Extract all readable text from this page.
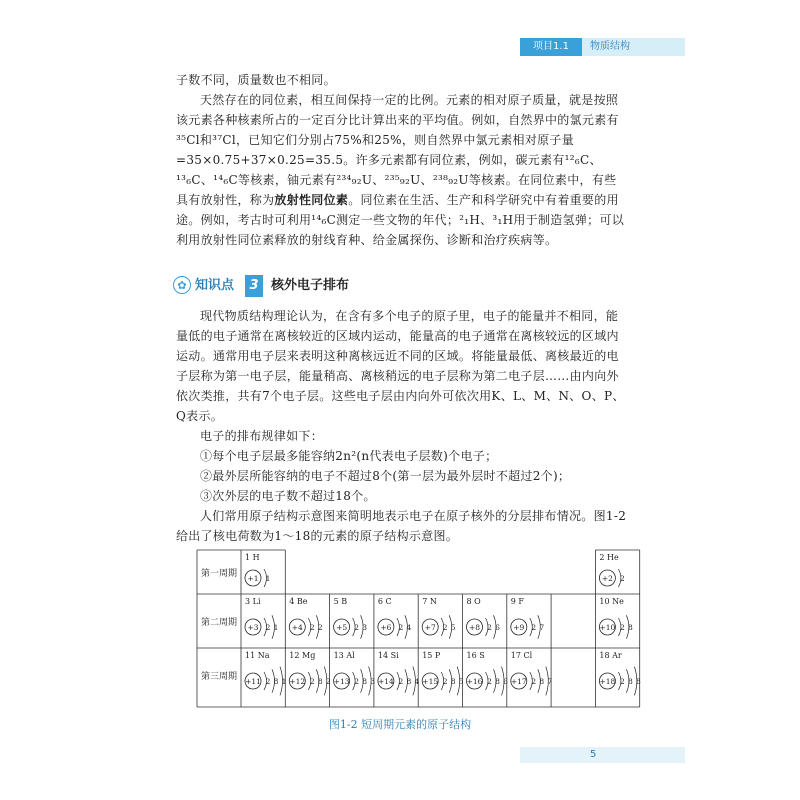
项目1.1	物质结构

子数不同，质量数也不相同。

天然存在的同位素，相互间保持一定的比例。元素的相对原子质量，就是按照该元素各种核素所占的一定百分比计算出来的平均值。例如，自然界中的氯元素有³⁵Cl和³⁷Cl，已知它们分别占75%和25%，则自然界中氯元素相对原子量=35×0.75+37×0.25=35.5。许多元素都有同位素，例如，碳元素有¹²₆C、¹³₆C、¹⁴₆C等核素，铀元素有²³⁴₉₂U、²³⁵₉₂U、²³⁸₉₂U等核素。在同位素中，有些具有放射性，称为放射性同位素。同位素在生活、生产和科学研究中有着重要的用途。例如，考古时可利用¹⁴₆C测定一些文物的年代；²₁H、³₁H用于制造氢弹；可以利用放射性同位素释放的射线育种、给金属探伤、诊断和治疗疾病等。

✿ 知识点	3 核外电子排布

现代物质结构理论认为，在含有多个电子的原子里，电子的能量并不相同，能量低的电子通常在离核较近的区域内运动，能量高的电子通常在离核较远的区域内运动。通常用电子层来表明这种离核远近不同的区域。将能量最低、离核最近的电子层称为第一电子层，能量稍高、离核稍远的电子层称为第二电子层……由内向外依次类推，共有7个电子层。这些电子层由内向外可依次用K、L、M、N、O、P、Q表示。

电子的排布规律如下：

①每个电子层最多能容纳2n²(n代表电子层数)个电子；

②最外层所能容纳的电子不超过8个(第一层为最外层时不超过2个)；

③次外层的电子数不超过18个。

人们常用原子结构示意图来简明地表示电子在原子核外的分层排布情况。图1-2给出了核电荷数为1～18的元素的原子结构示意图。

第一周期
第二周期
第三周期
1 H
+1 1
2 He
+2 2
3 Li
+3 2 1
4 Be
+4 2 2
5 B
+5 2 3
6 C
+6 2 4
7 N
+7 2 5
8 O
+8 2 6
9 F
+9 2 7
10 Ne
+10 2 8
11 Na
+11 2 8 1
12 Mg
+12 2 8 2
13 Al
+13 2 8 3
14 Si
+14 2 8 4
15 P
+15 2 8 5
16 S
+16 2 8 6
17 Cl
+17 2 8 7
18 Ar
+18 2 8 8
图1-2 短周期元素的原子结构
5
